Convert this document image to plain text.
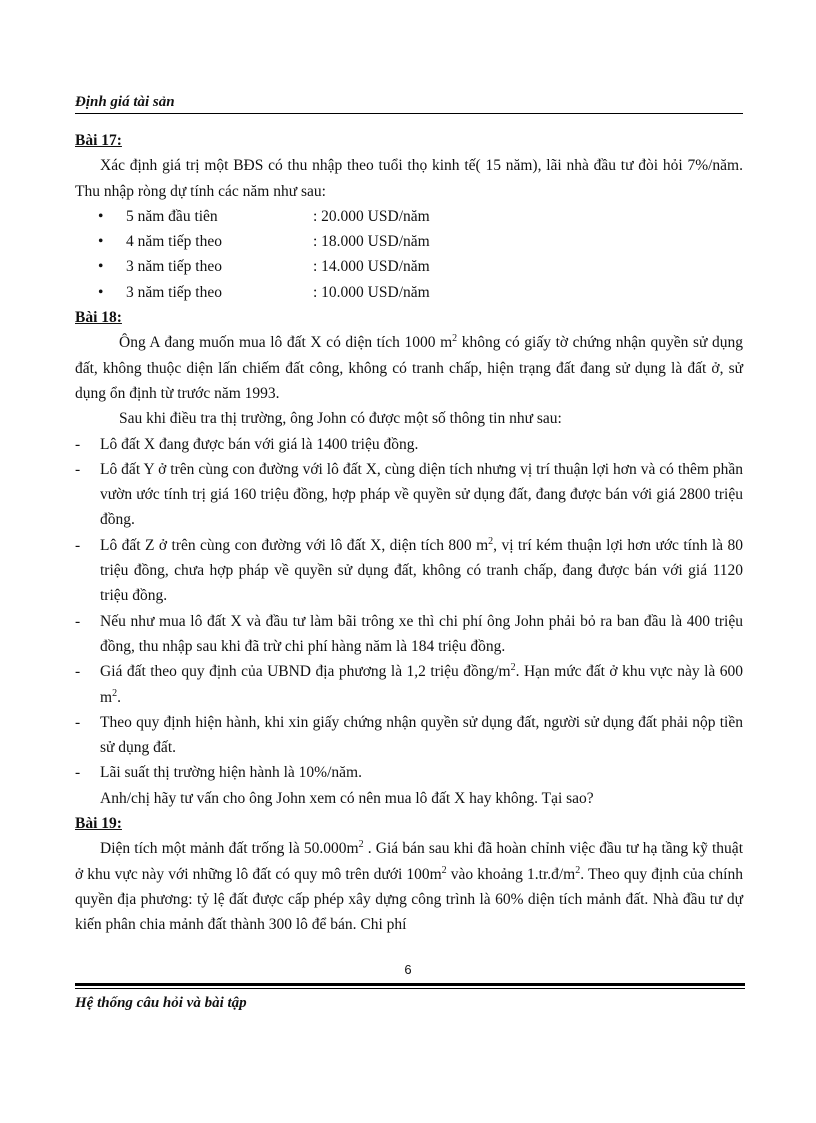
Định giá tài sản
Bài 17:

Xác định giá trị một BĐS có thu nhập theo tuổi thọ kinh tế( 15 năm), lãi nhà đầu tư đòi hỏi 7%/năm. Thu nhập ròng dự tính các năm như sau:

• 5 năm đầu tiên	: 20.000 USD/năm
• 4 năm tiếp theo	: 18.000 USD/năm
• 3 năm tiếp theo	: 14.000 USD/năm
• 3 năm tiếp theo	: 10.000 USD/năm
Bài 18:

Ông A đang muốn mua lô đất X có diện tích 1000 $m^2$ không có giấy tờ chứng nhận quyền sử dụng đất, không thuộc diện lấn chiếm đất công, không có tranh chấp, hiện trạng đất đang sử dụng là đất ở, sử dụng ổn định từ trước năm 1993.

Sau khi điều tra thị trường, ông John có được một số thông tin như sau:

- Lô đất X đang được bán với giá là 1400 triệu đồng.
- Lô đất Y ở trên cùng con đường với lô đất X, cùng diện tích nhưng vị trí thuận lợi hơn và có thêm phần vườn ước tính trị giá 160 triệu đồng, hợp pháp về quyền sử dụng đất, đang được bán với giá 2800 triệu đồng.
- Lô đất Z ở trên cùng con đường với lô đất X, diện tích 800 $m^2$, vị trí kém thuận lợi hơn ước tính là 80 triệu đồng, chưa hợp pháp về quyền sử dụng đất, không có tranh chấp, đang được bán với giá 1120 triệu đồng.
- Nếu như mua lô đất X và đầu tư làm bãi trông xe thì chi phí ông John phải bỏ ra ban đầu là 400 triệu đồng, thu nhập sau khi đã trừ chi phí hàng năm là 184 triệu đồng.
- Giá đất theo quy định của UBND địa phương là 1,2 triệu đồng/$m^2$. Hạn mức đất ở khu vực này là 600 $m^2$.
- Theo quy định hiện hành, khi xin giấy chứng nhận quyền sử dụng đất, người sử dụng đất phải nộp tiền sử dụng đất.
- Lãi suất thị trường hiện hành là 10%/năm.

Anh/chị hãy tư vấn cho ông John xem có nên mua lô đất X hay không. Tại sao?

Bài 19:

Diện tích một mảnh đất trống là $50.000m^2$ . Giá bán sau khi đã hoàn chỉnh việc đầu tư hạ tầng kỹ thuật ở khu vực này với những lô đất có quy mô trên dưới $100m^2$ vào khoảng $1.tr.đ/m^2$. Theo quy định của chính quyền địa phương: tỷ lệ đất được cấp phép xây dựng công trình là 60% diện tích mảnh đất. Nhà đầu tư dự kiến phân chia mảnh đất thành 300 lô để bán. Chi phí

6
Hệ thống câu hỏi và bài tập
